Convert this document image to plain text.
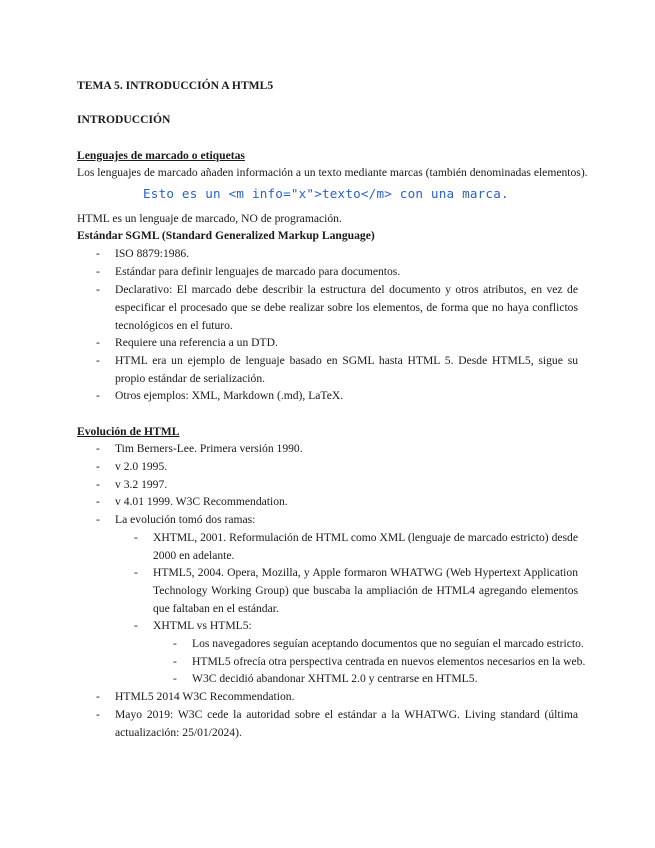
TEMA 5. INTRODUCCIÓN A HTML5
INTRODUCCIÓN
Lenguajes de marcado o etiquetas
Los lenguajes de marcado añaden información a un texto mediante marcas (también denominadas elementos).
Esto es un <m info="x">texto</m> con una marca.
HTML es un lenguaje de marcado, NO de programación.
Estándar SGML (Standard Generalized Markup Language)
- ISO 8879:1986.
- Estándar para definir lenguajes de marcado para documentos.
- Declarativo: El marcado debe describir la estructura del documento y otros atributos, en vez de especificar el procesado que se debe realizar sobre los elementos, de forma que no haya conflictos tecnológicos en el futuro.
- Requiere una referencia a un DTD.
- HTML era un ejemplo de lenguaje basado en SGML hasta HTML 5. Desde HTML5, sigue su propio estándar de serialización.
- Otros ejemplos: XML, Markdown (.md), LaTeX.
Evolución de HTML
- Tim Berners-Lee. Primera versión 1990.
- v 2.0 1995.
- v 3.2 1997.
- v 4.01 1999. W3C Recommendation.
- La evolución tomó dos ramas:
- XHTML, 2001. Reformulación de HTML como XML (lenguaje de marcado estricto) desde 2000 en adelante.
- HTML5, 2004. Opera, Mozilla, y Apple formaron WHATWG (Web Hypertext Application Technology Working Group) que buscaba la ampliación de HTML4 agregando elementos que faltaban en el estándar.
- XHTML vs HTML5:
- Los navegadores seguían aceptando documentos que no seguían el marcado estricto.
- HTML5 ofrecía otra perspectiva centrada en nuevos elementos necesarios en la web.
- W3C decidió abandonar XHTML 2.0 y centrarse en HTML5.
- HTML5 2014 W3C Recommendation.
- Mayo 2019: W3C cede la autoridad sobre el estándar a la WHATWG. Living standard (última actualización: 25/01/2024).
